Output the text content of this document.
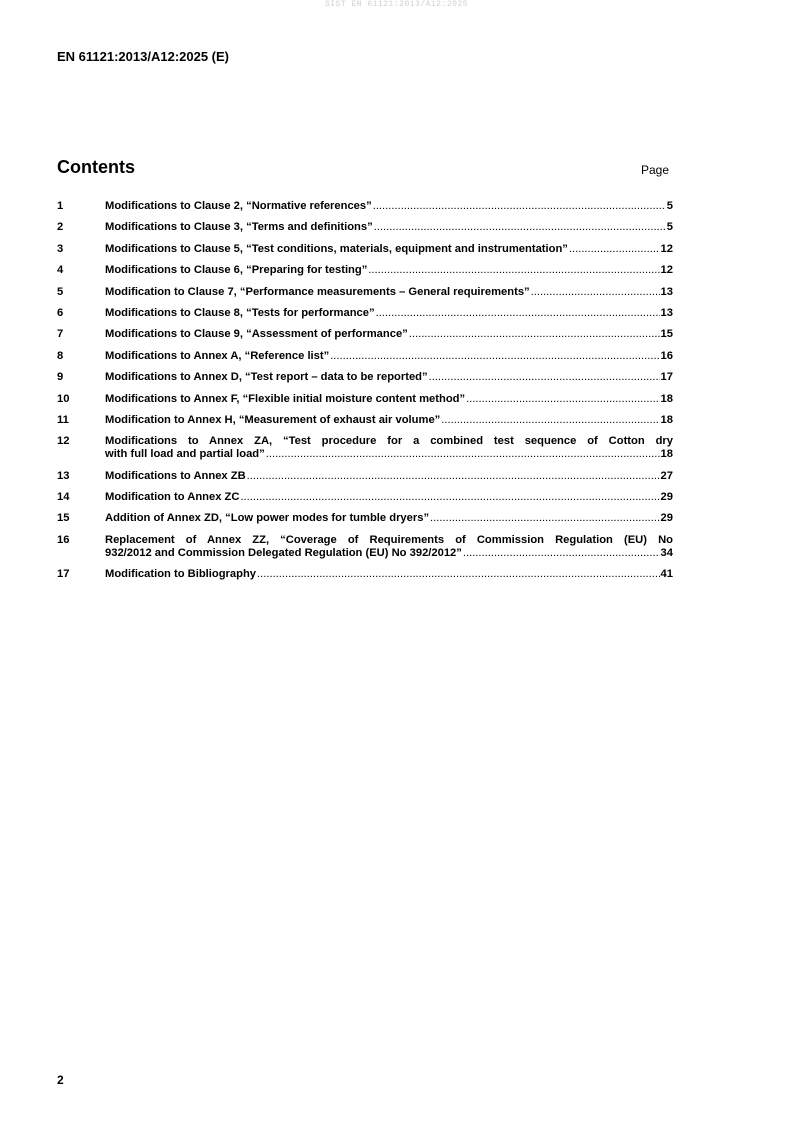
SIST EN 61121:2013/A12:2025
EN 61121:2013/A12:2025 (E)
Contents	Page
1	Modifications to Clause 2, “Normative references” .....	5
2	Modifications to Clause 3, “Terms and definitions” .....	5
3	Modifications to Clause 5, “Test conditions, materials, equipment and instrumentation” .....	12
4	Modifications to Clause 6, “Preparing for testing” .....	12
5	Modification to Clause 7, “Performance measurements – General requirements” .....	13
6	Modifications to Clause 8, “Tests for performance” .....	13
7	Modifications to Clause 9, “Assessment of performance” .....	15
8	Modifications to Annex A, “Reference list” .....	16
9	Modifications to Annex D, “Test report – data to be reported” .....	17
10	Modifications to Annex F, “Flexible initial moisture content method” .....	18
11	Modification to Annex H, “Measurement of exhaust air volume” .....	18
12	Modifications to Annex ZA, “Test procedure for a combined test sequence of Cotton dry
with full load and partial load” .....	18
13	Modifications to Annex ZB .....	27
14	Modification to Annex ZC .....	29
15	Addition of Annex ZD, “Low power modes for tumble dryers” .....	29
16	Replacement of Annex ZZ, “Coverage of Requirements of Commission Regulation (EU) No
932/2012 and Commission Delegated Regulation (EU) No 392/2012” .....	34
17	Modification to Bibliography .....	41
2
